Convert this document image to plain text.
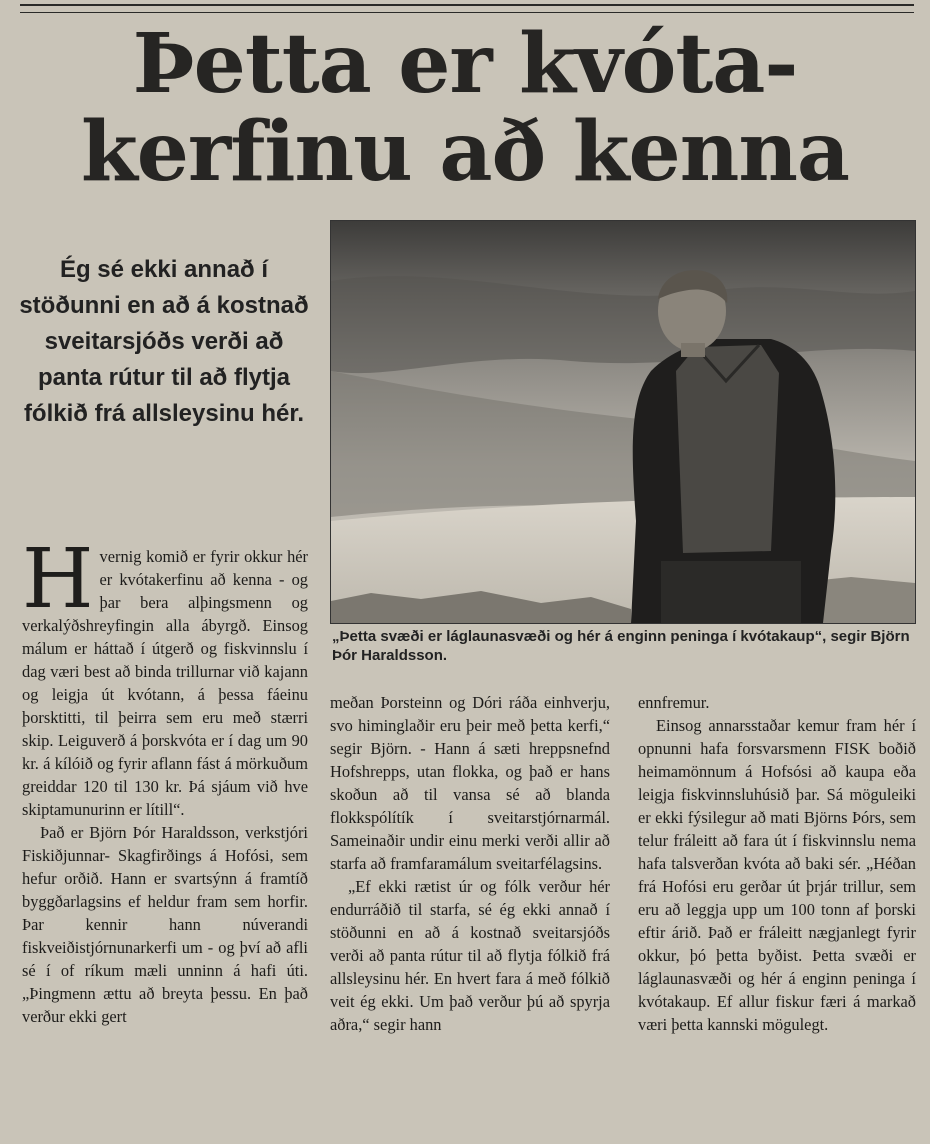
Þetta er kvóta-kerfinu að kenna

Ég sé ekki annað í stöðunni en að á kostnað sveitarsjóðs verði að panta rútur til að flytja fólkið frá allsleysinu hér.

„Þetta svæði er láglaunasvæði og hér á enginn peninga í kvótakaup“, segir Björn Þór Haraldsson.

Hvernig komið er fyrir okkur hér er kvótakerfinu að kenna - og þar bera alþingsmenn og verkalýðshreyfingin alla ábyrgð. Einsog málum er háttað í útgerð og fiskvinnslu í dag væri best að binda trillurnar við kajann og leigja út kvótann, á þessa fáeinu þorsktitti, til þeirra sem eru með stærri skip. Leiguverð á þorskvóta er í dag um 90 kr. á kílóið og fyrir aflann fást á mörkuðum greiddar 120 til 130 kr. Þá sjáum við hve skiptamunurinn er lítill“.

Það er Björn Þór Haraldsson, verkstjóri Fiskiðjunnar- Skagfirðings á Hofósi, sem hefur orðið. Hann er svartsýnn á framtíð byggðarlagsins ef heldur fram sem horfir. Þar kennir hann núverandi fiskveiðistjórnunarkerfi um - og því að afli sé í of ríkum mæli unninn á hafi úti. „Þingmenn ættu að breyta þessu. En það verður ekki gert

meðan Þorsteinn og Dóri ráða einhverju, svo himinglaðir eru þeir með þetta kerfi,“ segir Björn. - Hann á sæti hreppsnefnd Hofshrepps, utan flokka, og það er hans skoðun að til vansa sé að blanda flokkspólítík í sveitarstjórnarmál. Sameinaðir undir einu merki verði allir að starfa að framfaramálum sveitarfélagsins.

„Ef ekki rætist úr og fólk verður hér endurráðið til starfa, sé ég ekki annað í stöðunni en að á kostnað sveitarsjóðs verði að panta rútur til að flytja fólkið frá allsleysinu hér. En hvert fara á með fólkið veit ég ekki. Um það verður þú að spyrja aðra,“ segir hann

ennfremur.

Einsog annarsstaðar kemur fram hér í opnunni hafa forsvarsmenn FISK boðið heimamönnum á Hofsósi að kaupa eða leigja fiskvinnsluhúsið þar. Sá möguleiki er ekki fýsilegur að mati Björns Þórs, sem telur fráleitt að fara út í fiskvinnslu nema hafa talsverðan kvóta að baki sér. „Héðan frá Hofósi eru gerðar út þrjár trillur, sem eru að leggja upp um 100 tonn af þorski eftir árið. Það er fráleitt nægjanlegt fyrir okkur, þó þetta byðist. Þetta svæði er láglaunasvæði og hér á enginn peninga í kvótakaup. Ef allur fiskur færi á markað væri þetta kannski mögulegt.
